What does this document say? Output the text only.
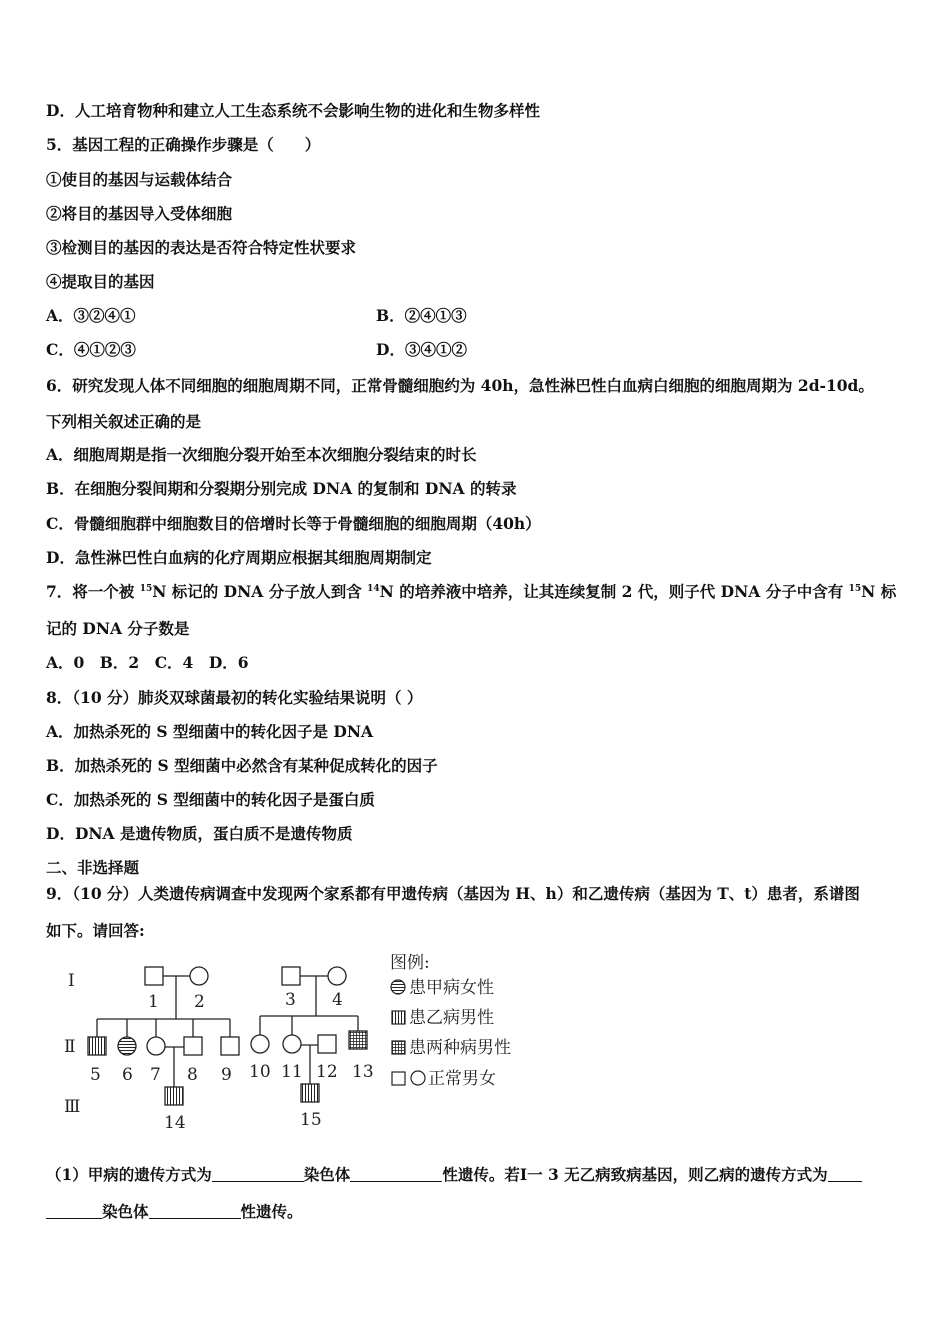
D．人工培育物种和建立人工生态系统不会影响生物的进化和生物多样性
5．基因工程的正确操作步骤是（　　）
①使目的基因与运载体结合
②将目的基因导入受体细胞
③检测目的基因的表达是否符合特定性状要求
④提取目的基因
A．③②④①	B．②④①③
C．④①②③	D．③④①②
6．研究发现人体不同细胞的细胞周期不同，正常骨髓细胞约为 40h，急性淋巴性白血病白细胞的细胞周期为 2d-10d。
下列相关叙述正确的是
A．细胞周期是指一次细胞分裂开始至本次细胞分裂结束的时长
B．在细胞分裂间期和分裂期分别完成 DNA 的复制和 DNA 的转录
C．骨髓细胞群中细胞数目的倍增时长等于骨髓细胞的细胞周期（40h）
D．急性淋巴性白血病的化疗周期应根据其细胞周期制定
7．将一个被 $^{15}$N 标记的 DNA 分子放人到含 $^{14}$N 的培养液中培养，让其连续复制 2 代，则子代 DNA 分子中含有 $^{15}$N 标
记的 DNA 分子数是
A．0　B．2　C．4　D．6
8．（10 分）肺炎双球菌最初的转化实验结果说明（ ）
A．加热杀死的 S 型细菌中的转化因子是 DNA
B．加热杀死的 S 型细菌中必然含有某种促成转化的因子
C．加热杀死的 S 型细菌中的转化因子是蛋白质
D．DNA 是遗传物质，蛋白质不是遗传物质
二、非选择题
9．（10 分）人类遗传病调查中发现两个家系都有甲遗传病（基因为 H、h）和乙遗传病（基因为 T、t）患者，系谱图
如下。请回答:
Ⅰ
Ⅱ
Ⅲ
1 2	3 4
5 6 7 8 9 10 11 12 13
14	15
图例:
患甲病女性
患乙病男性
患两种病男性
正常男女
（1）甲病的遗传方式为	染色体	性遗传。若Ⅰ一 3 无乙病致病基因，则乙病的遗传方式为
染色体	性遗传。
